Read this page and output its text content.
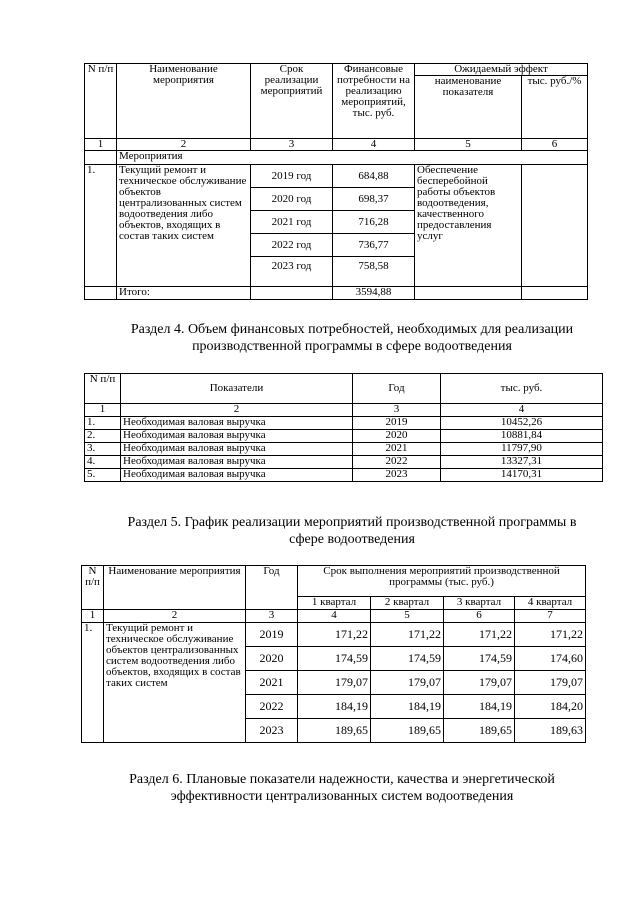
N п/п	Наименование мероприятия	Срок реализации мероприятий	Финансовые потребности на реализацию мероприятий, тыс. руб.	Ожидаемый эффект	
				наименование показателя	тыс. руб./%
1	2	3	4	5	6
	Мероприятия				
1.	Текущий ремонт и техническое обслуживание объектов централизованных систем водоотведения либо объектов, входящих в состав таких систем	2019 год	684,88	Обеспечение бесперебойной работы объектов водоотведения, качественного предоставления услуг	
		2020 год	698,37		
		2021 год	716,28		
		2022 год	736,77		
		2023 год	758,58		
	Итого:		3594,88		

Раздел 4. Объем финансовых потребностей, необходимых для реализации производственной программы в сфере водоотведения

N п/п	Показатели	Год	тыс. руб.
1	2	3	4
1.	Необходимая валовая выручка	2019	10452,26
2.	Необходимая валовая выручка	2020	10881,84
3.	Необходимая валовая выручка	2021	11797,90
4.	Необходимая валовая выручка	2022	13327,31
5.	Необходимая валовая выручка	2023	14170,31

Раздел 5. График реализации мероприятий производственной программы в сфере водоотведения

N п/п	Наименование мероприятия	Год	Срок выполнения мероприятий производственной программы (тыс. руб.)			
			1 квартал	2 квартал	3 квартал	4 квартал
1	2	3	4	5	6	7
1.	Текущий ремонт и техническое обслуживание объектов централизованных систем водоотведения либо объектов, входящих в состав таких систем	2019	171,22	171,22	171,22	171,22
		2020	174,59	174,59	174,59	174,60
		2021	179,07	179,07	179,07	179,07
		2022	184,19	184,19	184,19	184,20
		2023	189,65	189,65	189,65	189,63

Раздел 6. Плановые показатели надежности, качества и энергетической эффективности централизованных систем водоотведения
